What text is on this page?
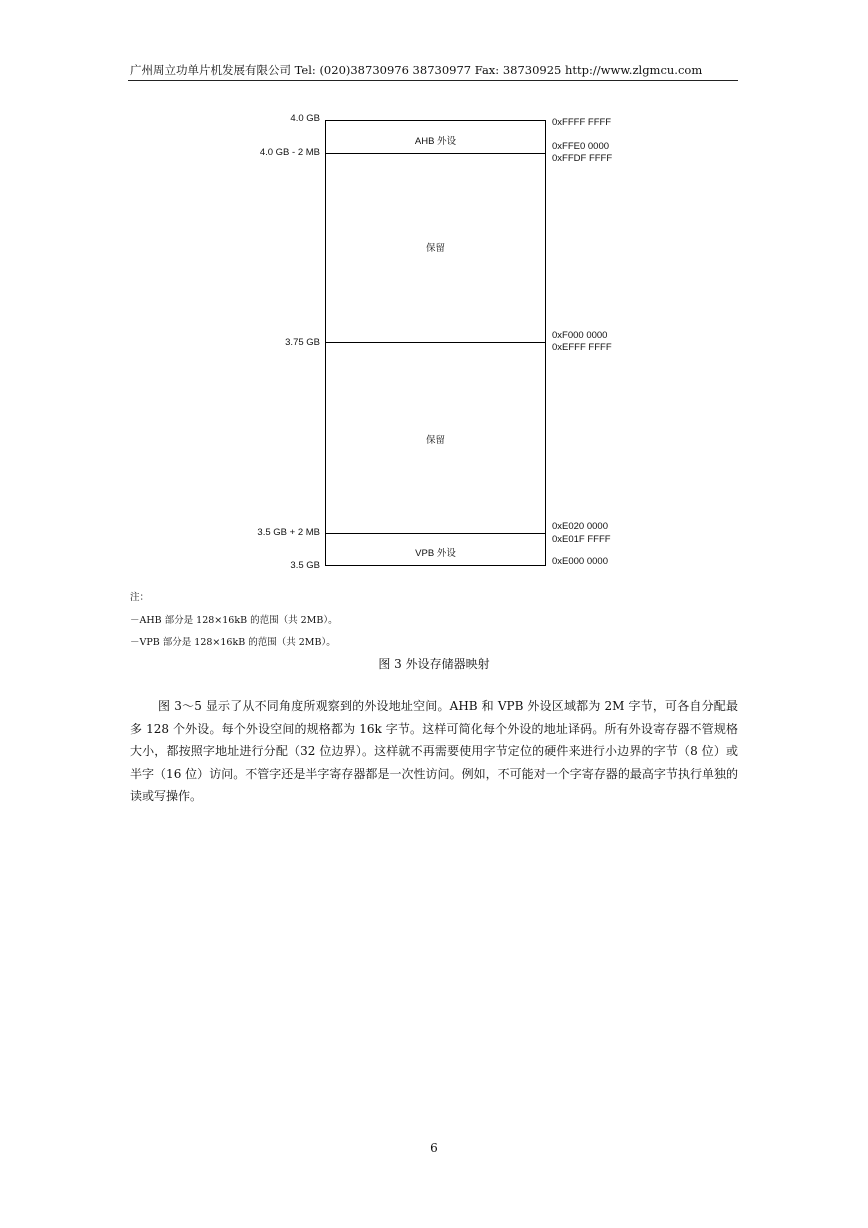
广州周立功单片机发展有限公司 Tel: (020)38730976 38730977 Fax: 38730925 http://www.zlgmcu.com
4.0 GB
4.0 GB - 2 MB
3.75 GB
3.5 GB + 2 MB
3.5 GB
AHB 外设
保留
保留
VPB 外设
0xFFFF FFFF
0xFFE0 0000
0xFFDF FFFF
0xF000 0000
0xEFFF FFFF
0xE020 0000
0xE01F FFFF
0xE000 0000
注：
－AHB 部分是 128×16kB 的范围（共 2MB）。
－VPB 部分是 128×16kB 的范围（共 2MB）。
图 3 外设存储器映射
图 3～5 显示了从不同角度所观察到的外设地址空间。AHB 和 VPB 外设区域都为 2M 字节，可各自分配最多 128 个外设。每个外设空间的规格都为 16k 字节。这样可简化每个外设的地址译码。所有外设寄存器不管规格大小，都按照字地址进行分配（32 位边界）。这样就不再需要使用字节定位的硬件来进行小边界的字节（8 位）或半字（16 位）访问。不管字还是半字寄存器都是一次性访问。例如，不可能对一个字寄存器的最高字节执行单独的读或写操作。
6
